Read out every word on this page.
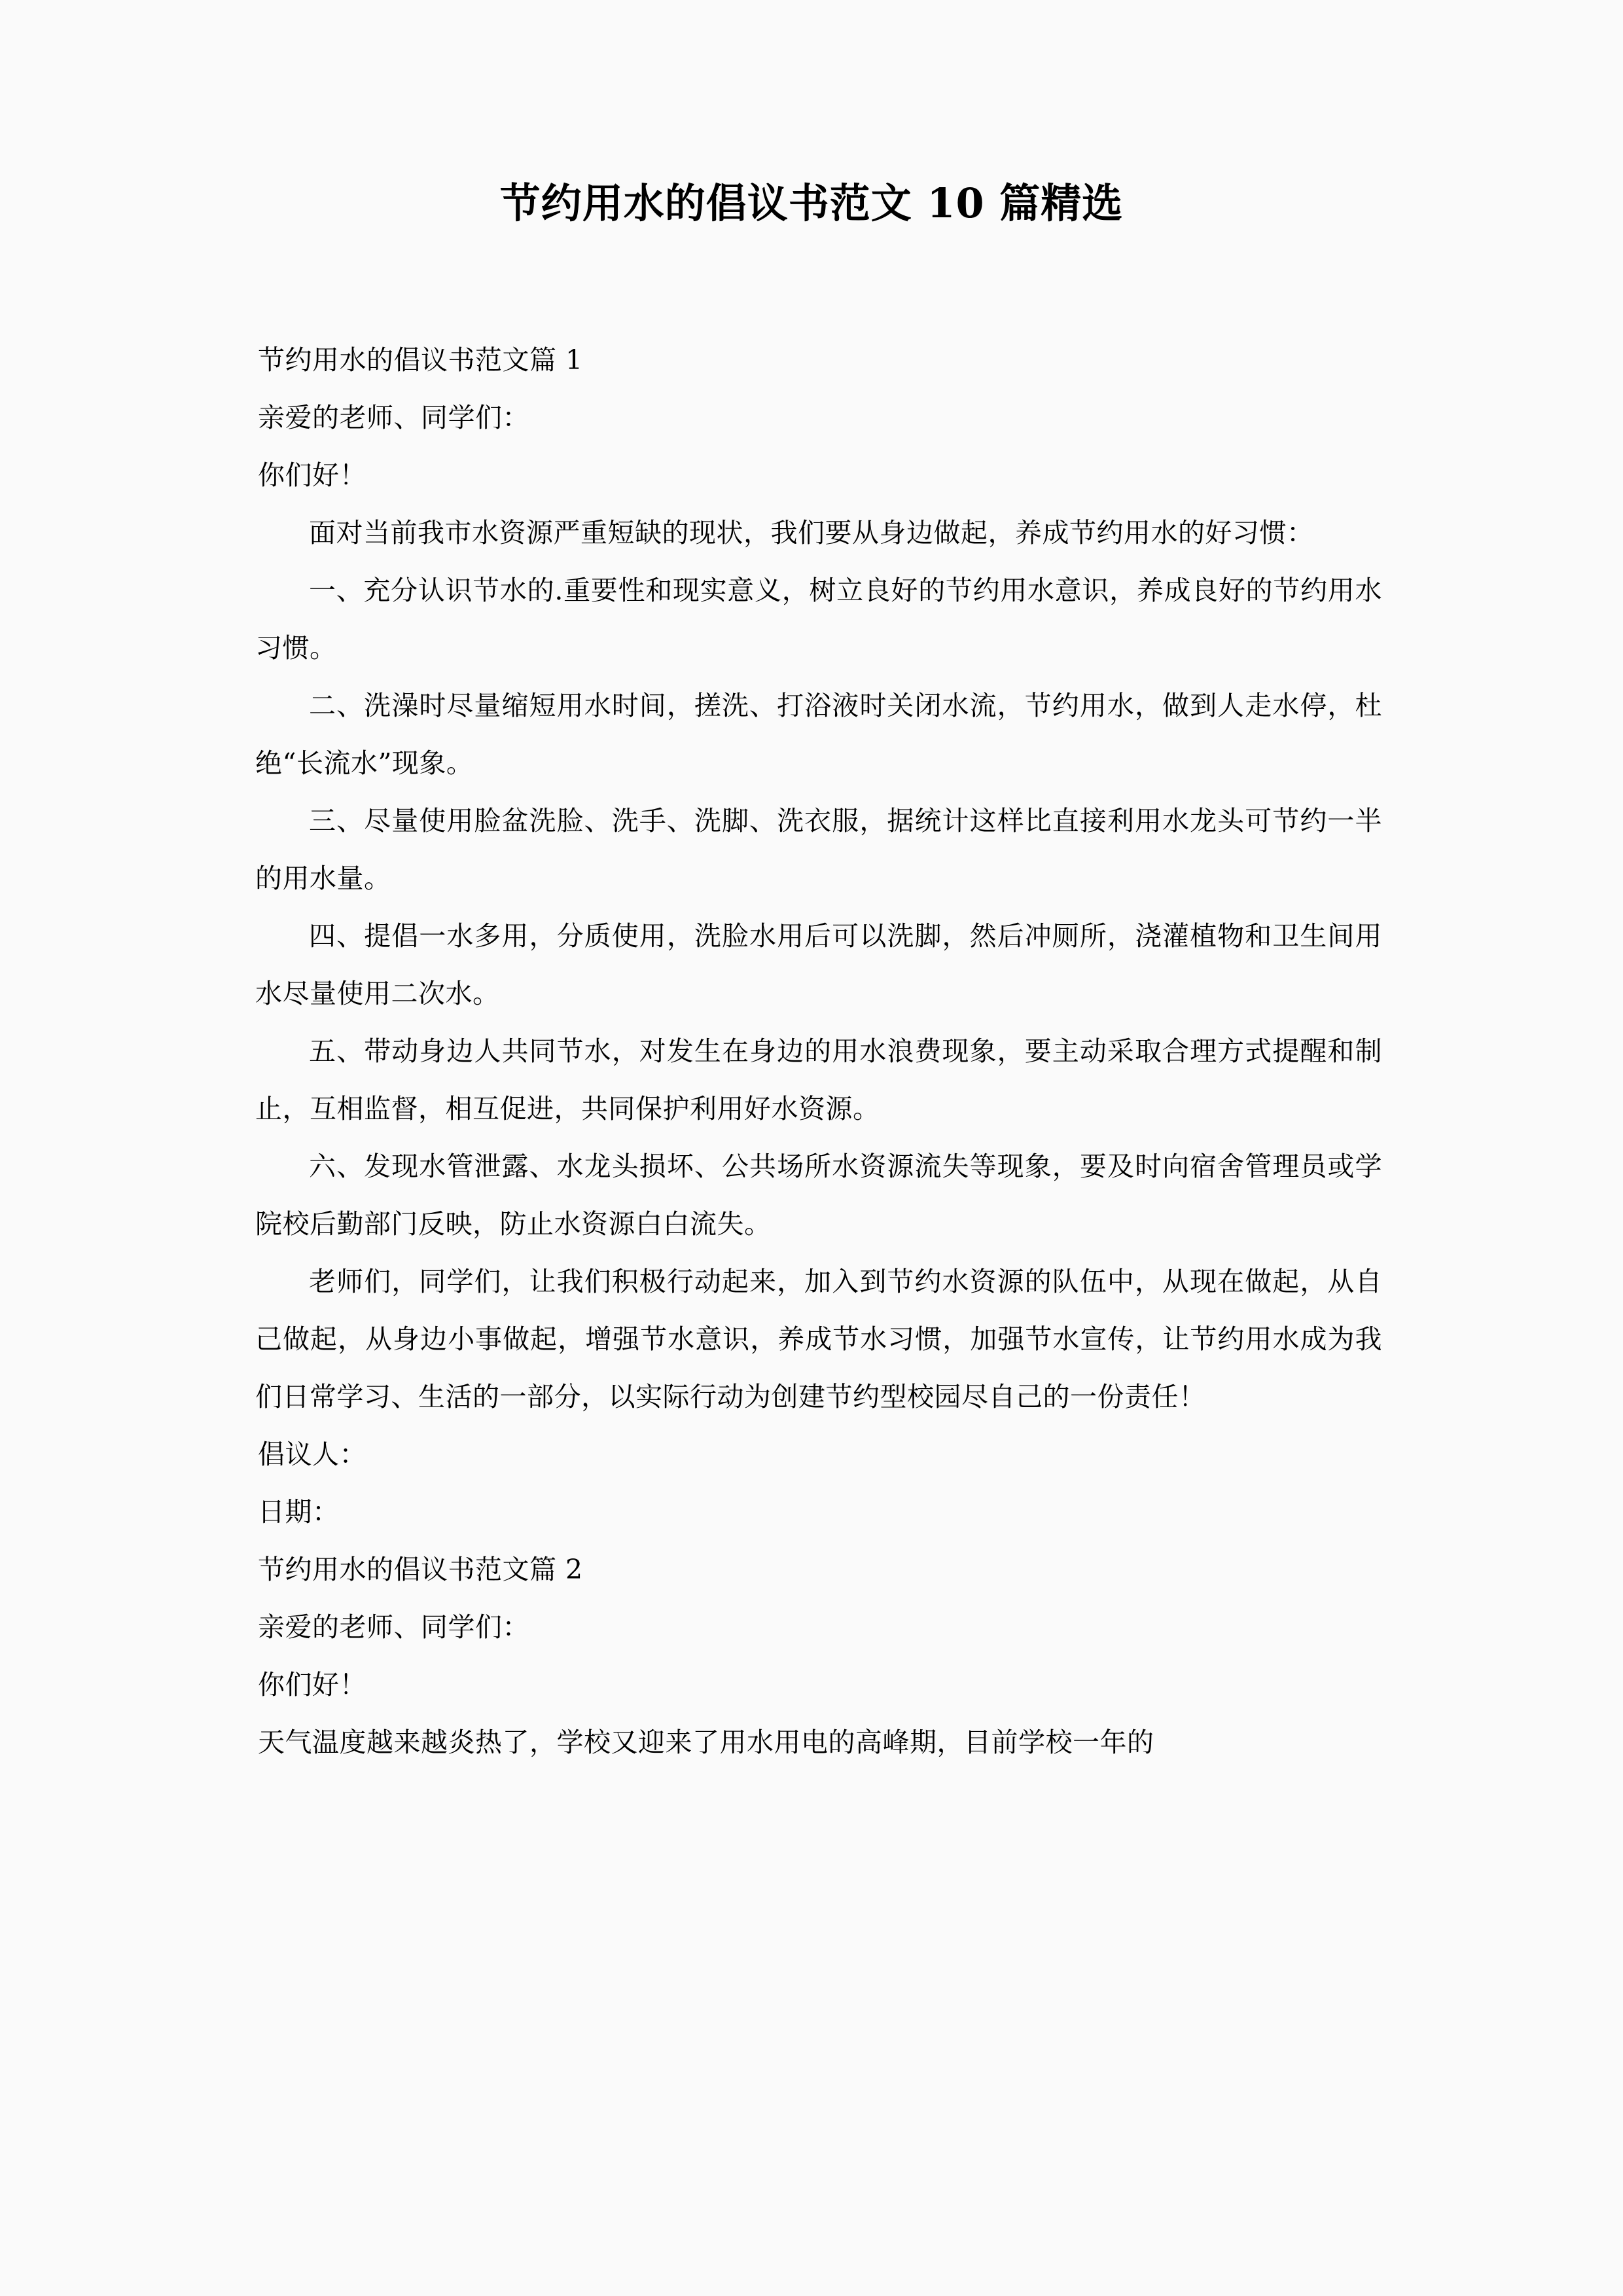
节约用水的倡议书范文 10 篇精选

节约用水的倡议书范文篇 1

亲爱的老师、同学们：

你们好！

面对当前我市水资源严重短缺的现状，我们要从身边做起，养成节约用水的好习惯：

一、充分认识节水的.重要性和现实意义，树立良好的节约用水意识，养成良好的节约用水习惯。

二、洗澡时尽量缩短用水时间，搓洗、打浴液时关闭水流，节约用水，做到人走水停，杜绝“长流水”现象。

三、尽量使用脸盆洗脸、洗手、洗脚、洗衣服，据统计这样比直接利用水龙头可节约一半的用水量。

四、提倡一水多用，分质使用，洗脸水用后可以洗脚，然后冲厕所，浇灌植物和卫生间用水尽量使用二次水。

五、带动身边人共同节水，对发生在身边的用水浪费现象，要主动采取合理方式提醒和制止，互相监督，相互促进，共同保护利用好水资源。

六、发现水管泄露、水龙头损坏、公共场所水资源流失等现象，要及时向宿舍管理员或学院校后勤部门反映，防止水资源白白流失。

老师们，同学们，让我们积极行动起来，加入到节约水资源的队伍中，从现在做起，从自己做起，从身边小事做起，增强节水意识，养成节水习惯，加强节水宣传，让节约用水成为我们日常学习、生活的一部分，以实际行动为创建节约型校园尽自己的一份责任！

倡议人：

日期：

节约用水的倡议书范文篇 2

亲爱的老师、同学们：

你们好！

天气温度越来越炎热了，学校又迎来了用水用电的高峰期，目前学校一年的
